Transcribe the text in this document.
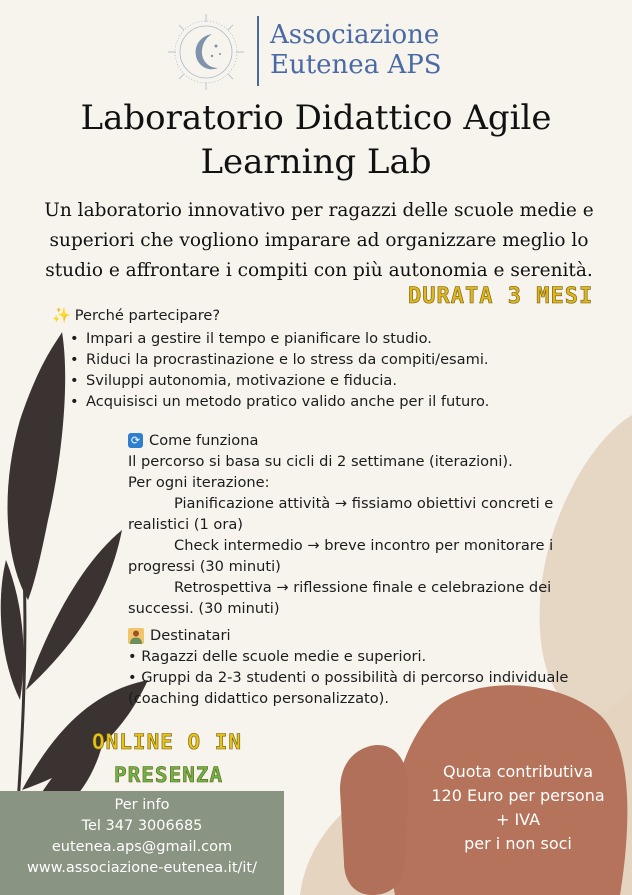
Associazione
Eutenea APS
Laboratorio Didattico Agile
Learning Lab
Un laboratorio innovativo per ragazzi delle scuole medie e
superiori che vogliono imparare ad organizzare meglio lo
studio e affrontare i compiti con più autonomia e serenità.
DURATA 3 MESI
✨ Perché partecipare?
• Impari a gestire il tempo e pianificare lo studio.
• Riduci la procrastinazione e lo stress da compiti/esami.
• Sviluppi autonomia, motivazione e fiducia.
• Acquisisci un metodo pratico valido anche per il futuro.
⟳ Come funziona

Il percorso si basa su cicli di 2 settimane (iterazioni).

Per ogni iterazione:

Pianificazione attività → fissiamo obiettivi concreti e

realistici (1 ora)

Check intermedio → breve incontro per monitorare i

progressi (30 minuti)

Retrospettiva → riflessione finale e celebrazione dei

successi. (30 minuti)

Destinatari

• Ragazzi delle scuole medie e superiori.

• Gruppi da 2-3 studenti o possibilità di percorso individuale

(coaching didattico personalizzato).

ONLINE O IN
PRESENZA
Per info
Tel 347 3006685
eutenea.aps@gmail.com
www.associazione-eutenea.it/it/
Quota contributiva
120 Euro per persona
+ IVA
per i non soci
